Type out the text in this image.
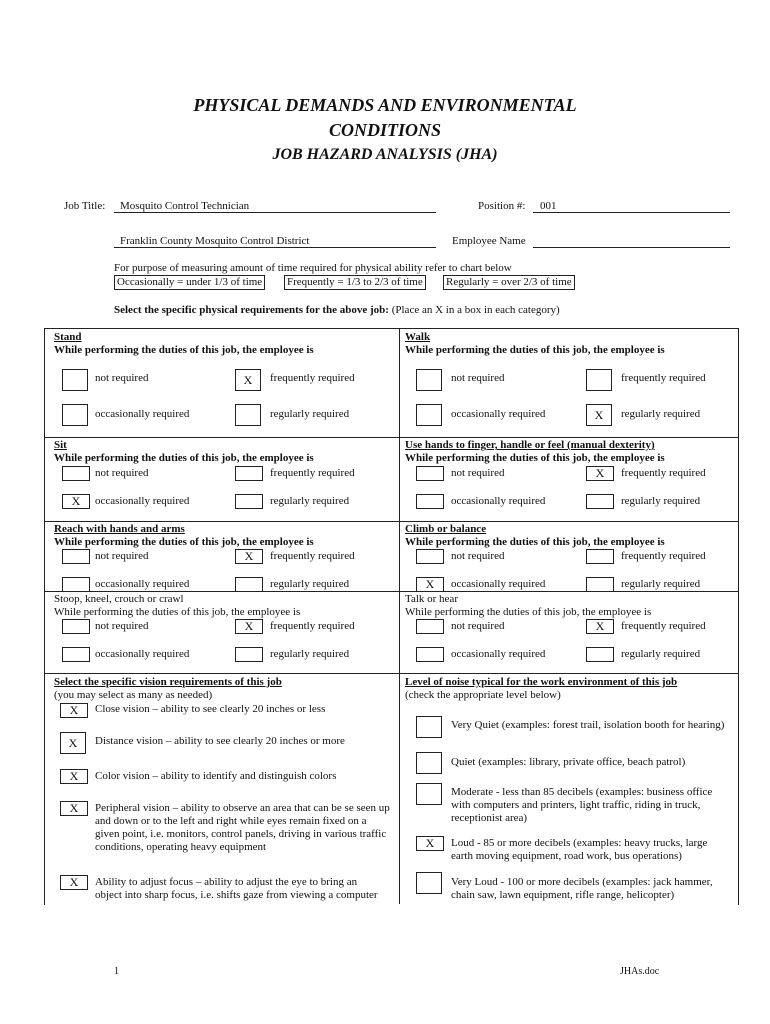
PHYSICAL DEMANDS AND ENVIRONMENTAL
CONDITIONS
JOB HAZARD ANALYSIS (JHA)
Job Title: Mosquito Control Technician	Position #: 001
Franklin County Mosquito Control District	Employee Name
For purpose of measuring amount of time required for physical ability refer to chart below
Occasionally = under 1/3 of time Frequently = 1/3 to 2/3 of time Regularly = over 2/3 of time
Select the specific physical requirements for the above job: (Place an X in a box in each category)
Stand
While performing the duties of this job, the employee is
not required	X	frequently required
occasionally required	regularly required
Walk
While performing the duties of this job, the employee is
not required	frequently required
occasionally required	X	regularly required
Sit
While performing the duties of this job, the employee is
not required	frequently required
X	occasionally required	regularly required
Use hands to finger, handle or feel (manual dexterity)
While performing the duties of this job, the employee is
not required	X	frequently required
occasionally required	regularly required
Reach with hands and arms
While performing the duties of this job, the employee is
not required	X	frequently required
occasionally required	regularly required
Climb or balance
While performing the duties of this job, the employee is
not required	frequently required
X	occasionally required	regularly required
Stoop, kneel, crouch or crawl
While performing the duties of this job, the employee is
not required	X	frequently required
occasionally required	regularly required
Talk or hear
While performing the duties of this job, the employee is
not required	X	frequently required
occasionally required	regularly required
Select the specific vision requirements of this job
(you may select as many as needed)
X	Close vision – ability to see clearly 20 inches or less
X	Distance vision – ability to see clearly 20 inches or more
X	Color vision – ability to identify and distinguish colors
X	Peripheral vision – ability to observe an area that can be se seen up and down or to the left and right while eyes remain fixed on a given point, i.e. monitors, control panels, driving in various traffic conditions, operating heavy equipment
X	Ability to adjust focus – ability to adjust the eye to bring an object into sharp focus, i.e. shifts gaze from viewing a computer
Level of noise typical for the work environment of this job
(check the appropriate level below)
Very Quiet (examples: forest trail, isolation booth for hearing)
Quiet (examples: library, private office, beach patrol)
Moderate - less than 85 decibels (examples: business office with computers and printers, light traffic, riding in truck, receptionist area)
X	Loud - 85 or more decibels (examples: heavy trucks, large earth moving equipment, road work, bus operations)
Very Loud - 100 or more decibels (examples: jack hammer, chain saw, lawn equipment, rifle range, helicopter)
1	JHAs.doc
